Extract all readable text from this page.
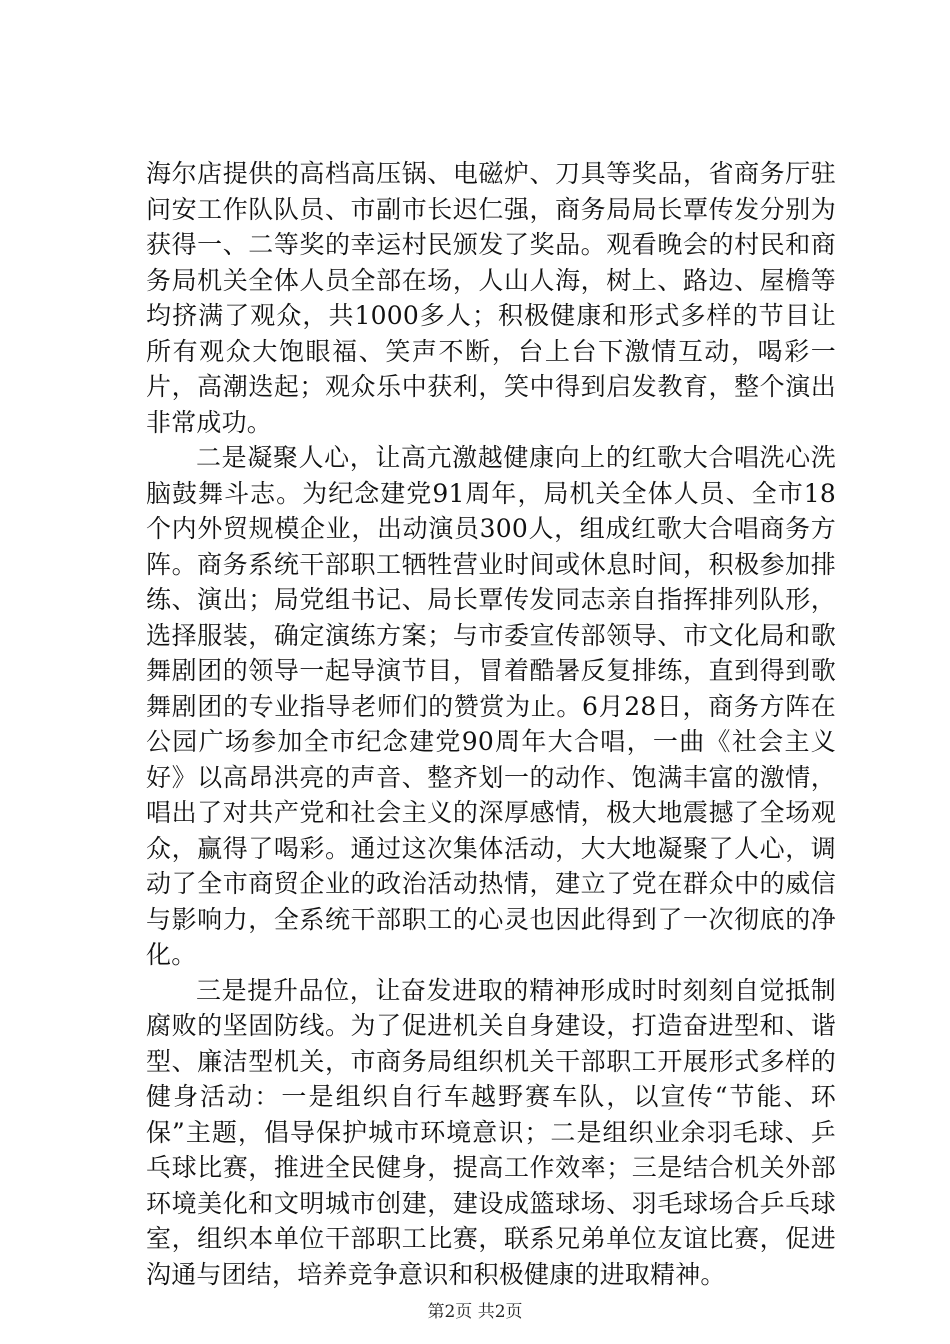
海尔店提供的高档高压锅、电磁炉、刀具等奖品，省商务厅驻问安工作队队员、市副市长迟仁强，商务局局长覃传发分别为获得一、二等奖的幸运村民颁发了奖品。观看晚会的村民和商务局机关全体人员全部在场，人山人海，树上、路边、屋檐等均挤满了观众，共1000多人；积极健康和形式多样的节目让所有观众大饱眼福、笑声不断，台上台下激情互动，喝彩一片，高潮迭起；观众乐中获利，笑中得到启发教育，整个演出非常成功。

二是凝聚人心，让高亢激越健康向上的红歌大合唱洗心洗脑鼓舞斗志。为纪念建党91周年，局机关全体人员、全市18个内外贸规模企业，出动演员300人，组成红歌大合唱商务方阵。商务系统干部职工牺牲营业时间或休息时间，积极参加排练、演出；局党组书记、局长覃传发同志亲自指挥排列队形，选择服装，确定演练方案；与市委宣传部领导、市文化局和歌舞剧团的领导一起导演节目，冒着酷暑反复排练，直到得到歌舞剧团的专业指导老师们的赞赏为止。6月28日，商务方阵在公园广场参加全市纪念建党90周年大合唱，一曲《社会主义好》以高昂洪亮的声音、整齐划一的动作、饱满丰富的激情，唱出了对共产党和社会主义的深厚感情，极大地震撼了全场观众，赢得了喝彩。通过这次集体活动，大大地凝聚了人心，调动了全市商贸企业的政治活动热情，建立了党在群众中的威信与影响力，全系统干部职工的心灵也因此得到了一次彻底的净化。

三是提升品位，让奋发进取的精神形成时时刻刻自觉抵制腐败的坚固防线。为了促进机关自身建设，打造奋进型和、谐型、廉洁型机关，市商务局组织机关干部职工开展形式多样的健身活动：一是组织自行车越野赛车队，以宣传“节能、环保”主题，倡导保护城市环境意识；二是组织业余羽毛球、乒乓球比赛，推进全民健身，提高工作效率；三是结合机关外部环境美化和文明城市创建，建设成篮球场、羽毛球场合乒乓球室，组织本单位干部职工比赛，联系兄弟单位友谊比赛，促进沟通与团结，培养竞争意识和积极健康的进取精神。

第2页 共2页
